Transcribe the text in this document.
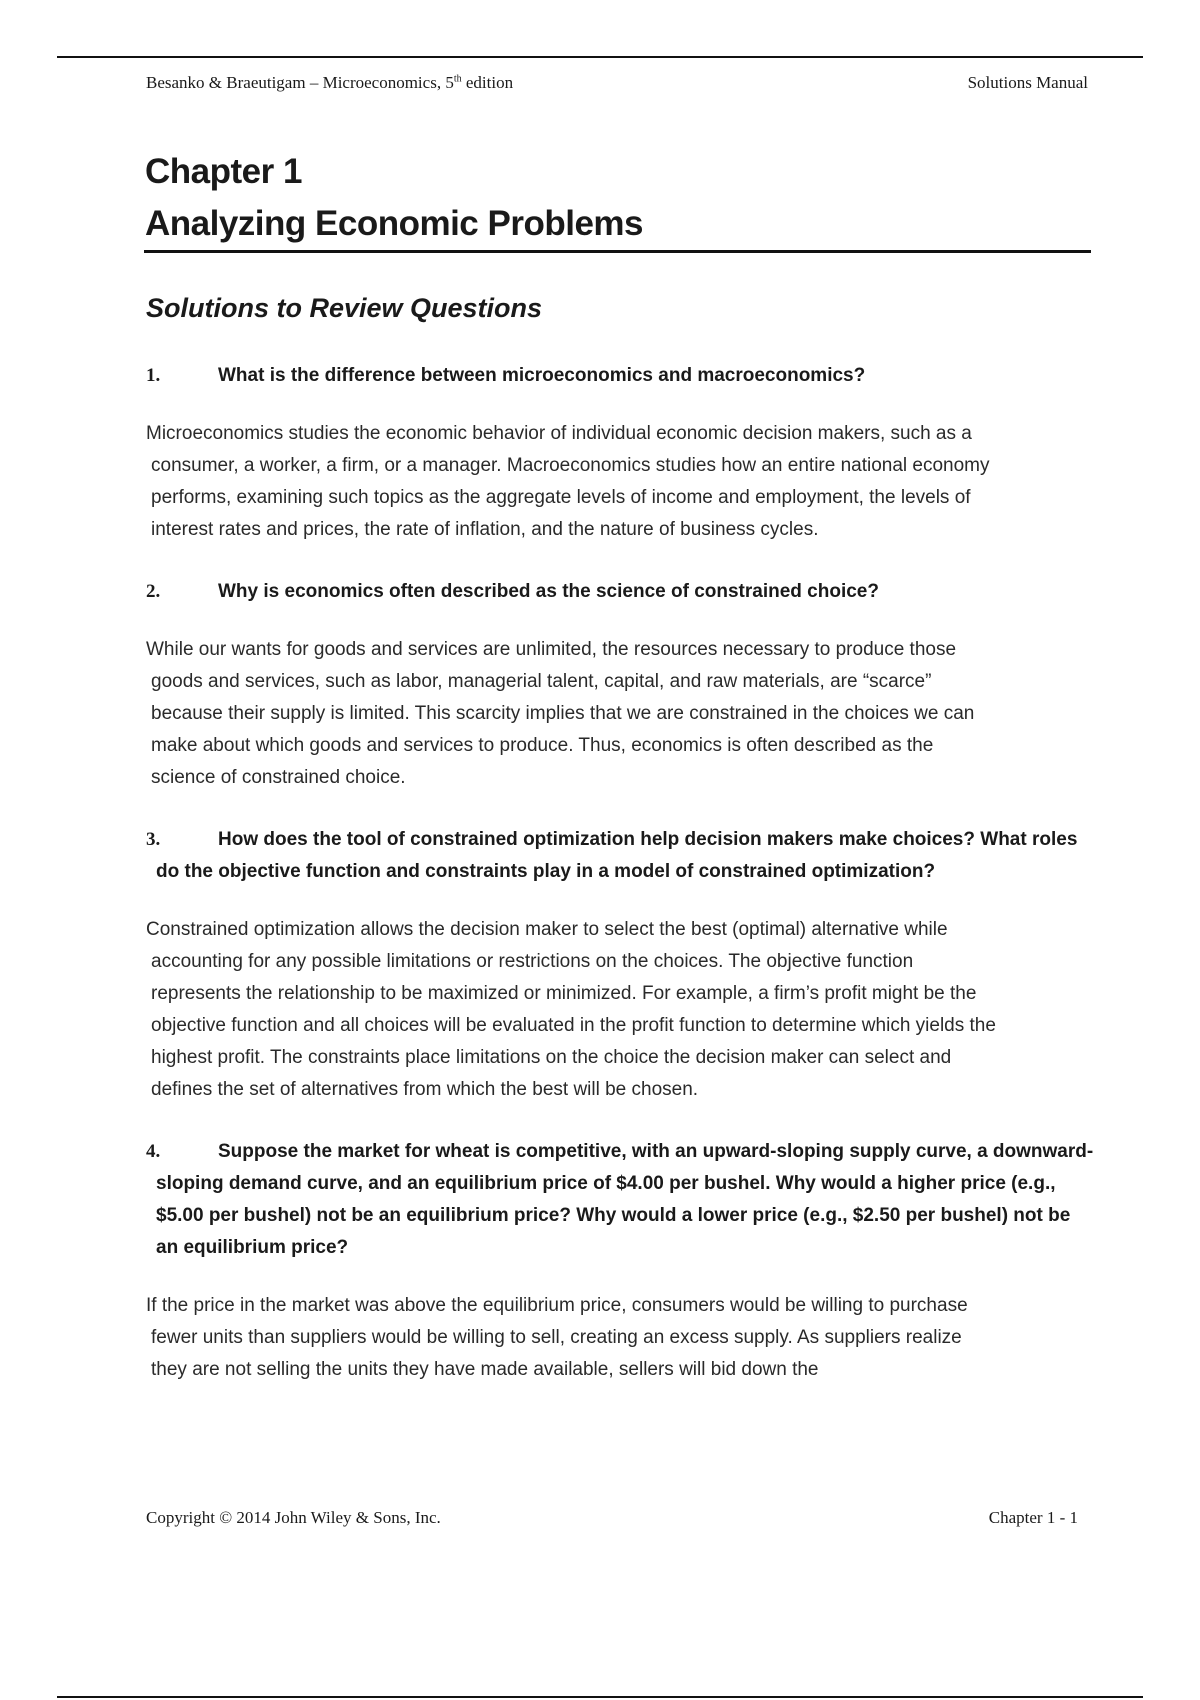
Besanko & Braeutigam – Microeconomics, 5th edition	Solutions Manual
Chapter 1
Analyzing Economic Problems
Solutions to Review Questions
1.	What is the difference between microeconomics and macroeconomics?
Microeconomics studies the economic behavior of individual economic decision makers, such as a
consumer, a worker, a firm, or a manager. Macroeconomics studies how an entire national economy
performs, examining such topics as the aggregate levels of income and employment, the levels of
interest rates and prices, the rate of inflation, and the nature of business cycles.
2.	Why is economics often described as the science of constrained choice?
While our wants for goods and services are unlimited, the resources necessary to produce those
goods and services, such as labor, managerial talent, capital, and raw materials, are “scarce”
because their supply is limited. This scarcity implies that we are constrained in the choices we can
make about which goods and services to produce. Thus, economics is often described as the
science of constrained choice.
3.	How does the tool of constrained optimization help decision makers make choices? What roles do the objective function and constraints play in a model of constrained optimization?
Constrained optimization allows the decision maker to select the best (optimal) alternative while
accounting for any possible limitations or restrictions on the choices. The objective function
represents the relationship to be maximized or minimized. For example, a firm’s profit might be the
objective function and all choices will be evaluated in the profit function to determine which yields the
highest profit. The constraints place limitations on the choice the decision maker can select and
defines the set of alternatives from which the best will be chosen.
4.	Suppose the market for wheat is competitive, with an upward-sloping supply curve, a downward-sloping demand curve, and an equilibrium price of $4.00 per bushel. Why would a higher price (e.g., $5.00 per bushel) not be an equilibrium price? Why would a lower price (e.g., $2.50 per bushel) not be an equilibrium price?
If the price in the market was above the equilibrium price, consumers would be willing to purchase
fewer units than suppliers would be willing to sell, creating an excess supply. As suppliers realize
they are not selling the units they have made available, sellers will bid down the
Copyright © 2014 John Wiley & Sons, Inc.	Chapter 1 - 1
